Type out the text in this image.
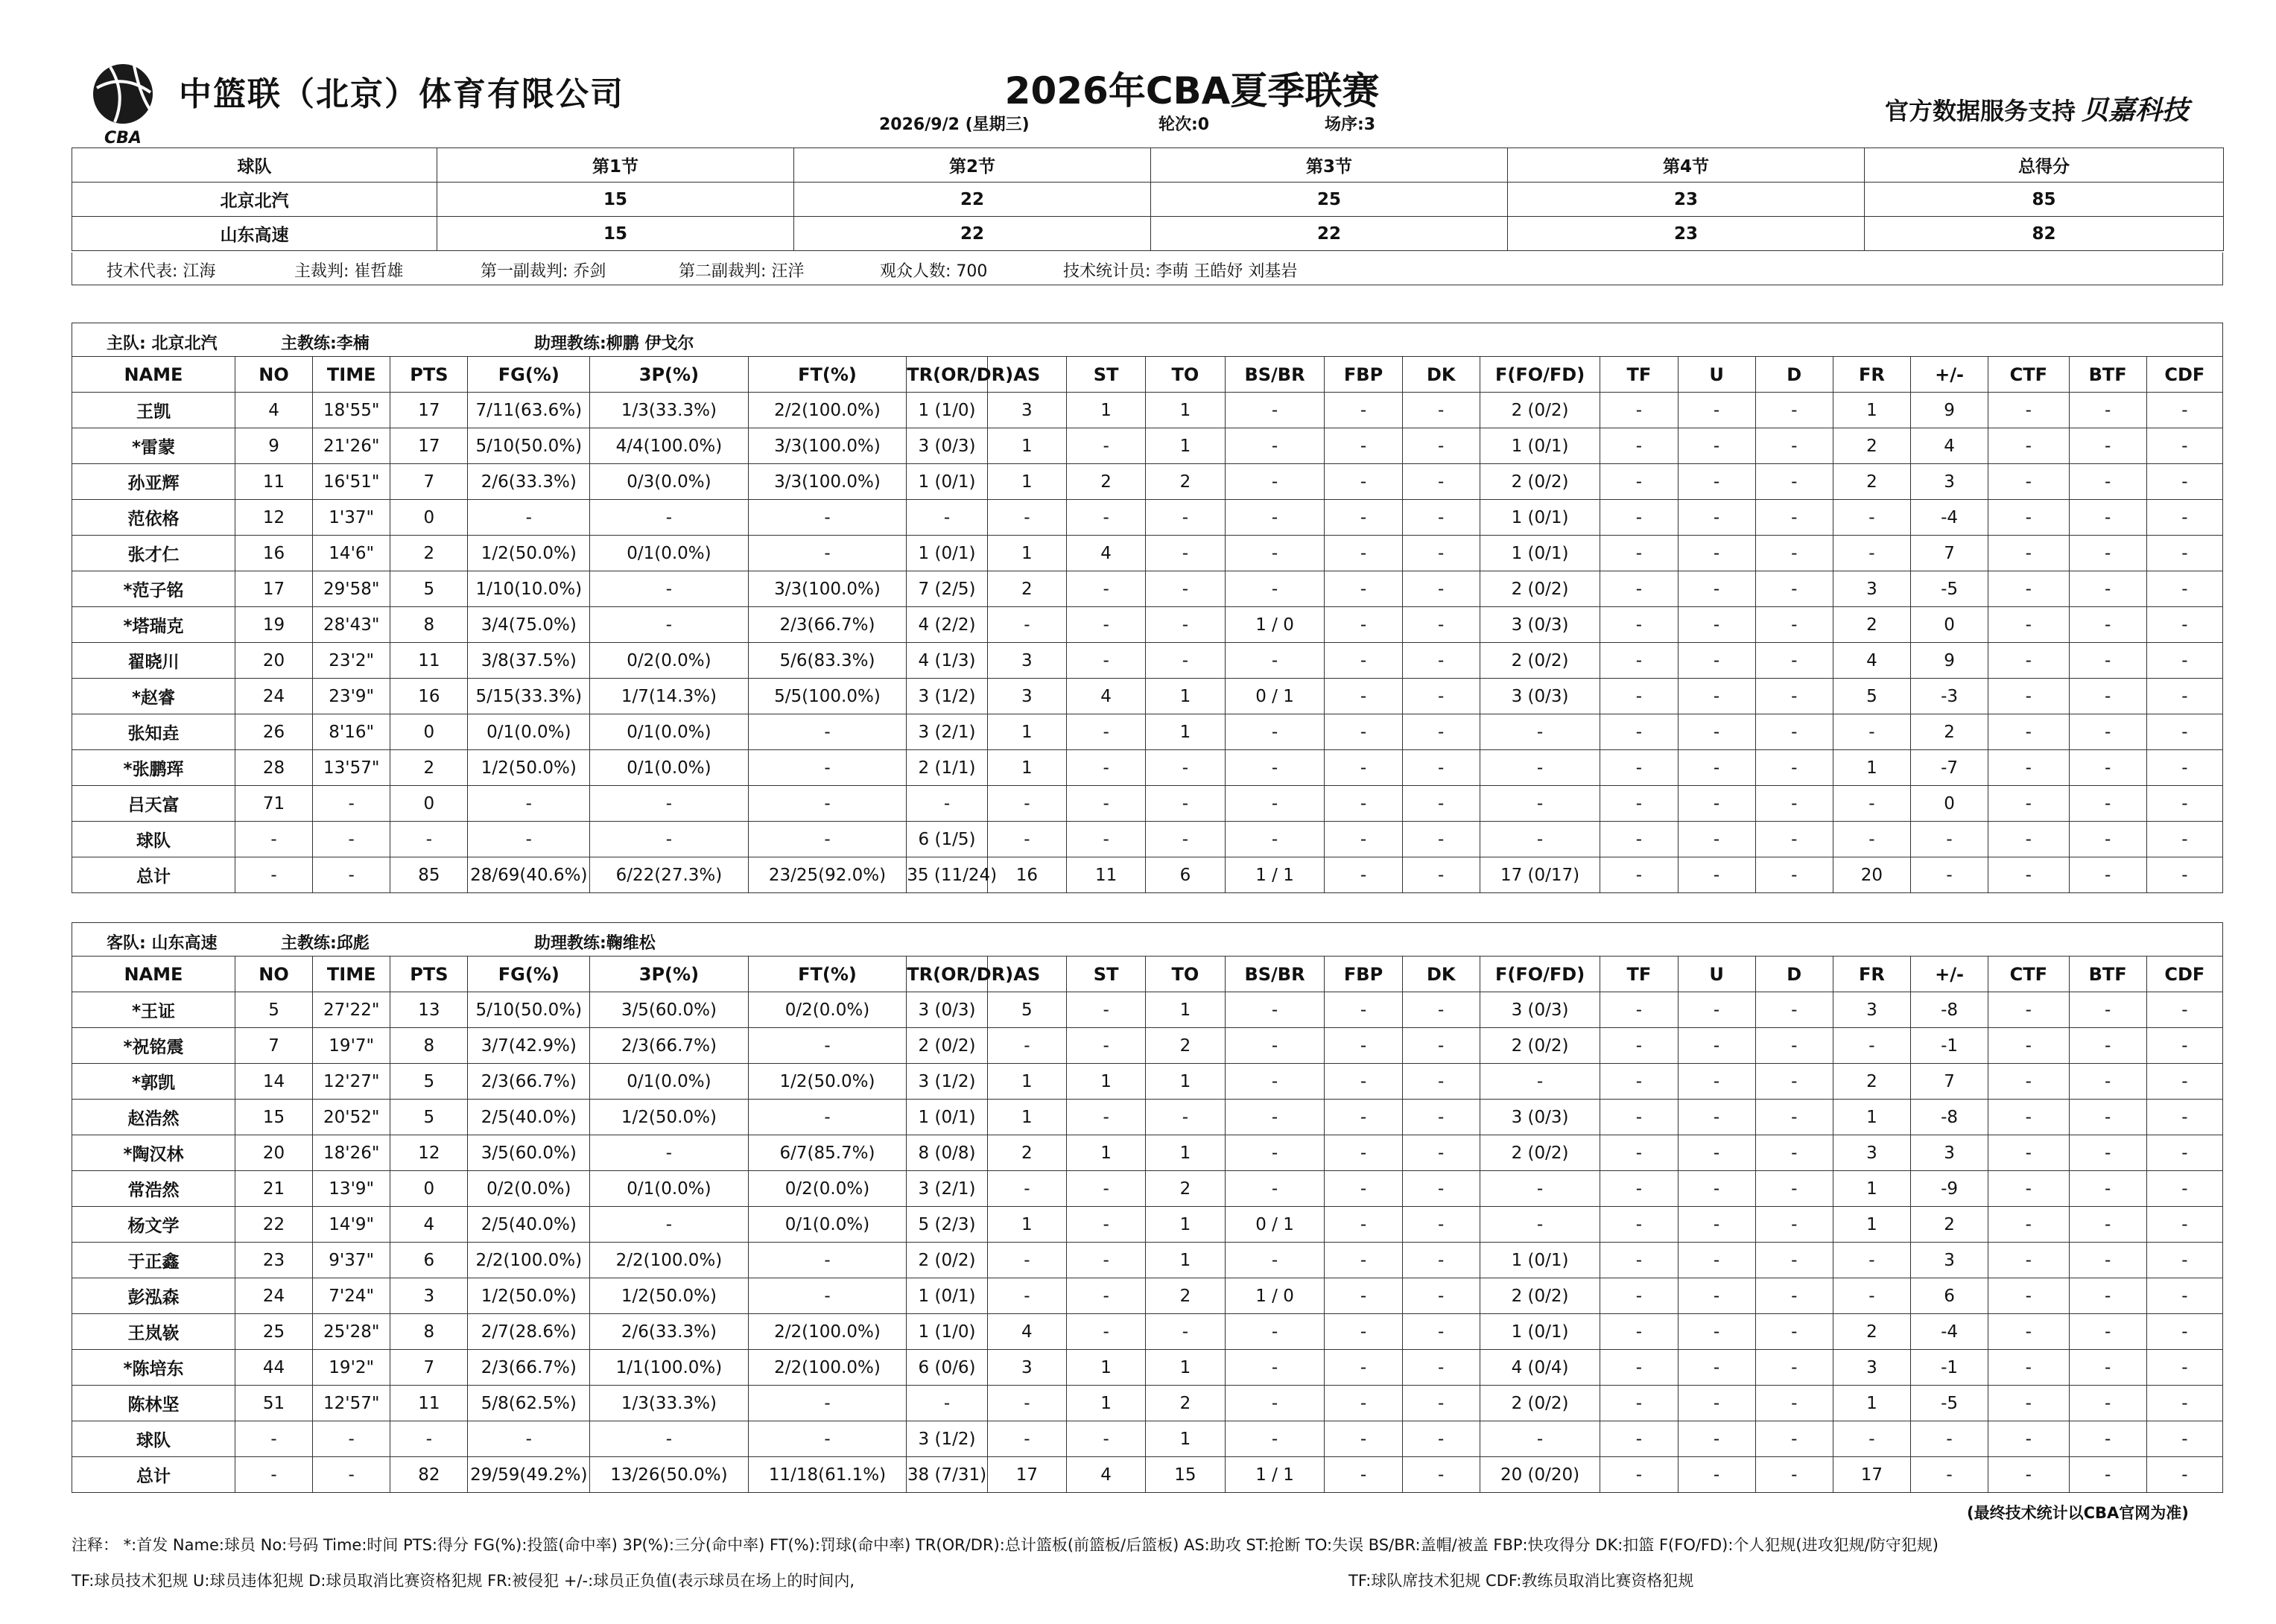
CBA
中篮联（北京）体育有限公司	2026年CBA夏季联赛
2026/9/2 (星期三)	轮次:0	场序:3	官方数据服务支持 贝嘉科技
球队	第1节	第2节	第3节	第4节	总得分
北京北汽	15	22	25	23	85
山东高速	15	22	22	23	82
技术代表: 江海	主裁判: 崔哲雄	第一副裁判: 乔剑	第二副裁判: 汪洋	观众人数: 700	技术统计员: 李萌 王皓妤 刘基岩
主队: 北京北汽	主教练:李楠	助理教练:柳鹏 伊戈尔
NAME	NO	TIME	PTS	FG(%)	3P(%)	FT(%)	TR(OR/DR)	AS	ST	TO	BS/BR	FBP	DK	F(FO/FD)	TF	U	D	FR	+/-	CTF	BTF	CDF
王凯	4	18'55"	17	7/11(63.6%)	1/3(33.3%)	2/2(100.0%)	1 (1/0)	3	1	1	-	-	-	2 (0/2)	-	-	-	1	9	-	-	-
*雷蒙	9	21'26"	17	5/10(50.0%)	4/4(100.0%)	3/3(100.0%)	3 (0/3)	1	-	1	-	-	-	1 (0/1)	-	-	-	2	4	-	-	-
孙亚辉	11	16'51"	7	2/6(33.3%)	0/3(0.0%)	3/3(100.0%)	1 (0/1)	1	2	2	-	-	-	2 (0/2)	-	-	-	2	3	-	-	-
范依格	12	1'37"	0	-	-	-	-	-	-	-	-	-	-	1 (0/1)	-	-	-	-	-4	-	-	-
张才仁	16	14'6"	2	1/2(50.0%)	0/1(0.0%)	-	1 (0/1)	1	4	-	-	-	-	1 (0/1)	-	-	-	-	7	-	-	-
*范子铭	17	29'58"	5	1/10(10.0%)	-	3/3(100.0%)	7 (2/5)	2	-	-	-	-	-	2 (0/2)	-	-	-	3	-5	-	-	-
*塔瑞克	19	28'43"	8	3/4(75.0%)	-	2/3(66.7%)	4 (2/2)	-	-	-	1 / 0	-	-	3 (0/3)	-	-	-	2	0	-	-	-
翟晓川	20	23'2"	11	3/8(37.5%)	0/2(0.0%)	5/6(83.3%)	4 (1/3)	3	-	-	-	-	-	2 (0/2)	-	-	-	4	9	-	-	-
*赵睿	24	23'9"	16	5/15(33.3%)	1/7(14.3%)	5/5(100.0%)	3 (1/2)	3	4	1	0 / 1	-	-	3 (0/3)	-	-	-	5	-3	-	-	-
张知垚	26	8'16"	0	0/1(0.0%)	0/1(0.0%)	-	3 (2/1)	1	-	1	-	-	-	-	-	-	-	-	2	-	-	-
*张鹏珲	28	13'57"	2	1/2(50.0%)	0/1(0.0%)	-	2 (1/1)	1	-	-	-	-	-	-	-	-	-	1	-7	-	-	-
吕天富	71	-	0	-	-	-	-	-	-	-	-	-	-	-	-	-	-	-	0	-	-	-
球队	-	-	-	-	-	-	6 (1/5)	-	-	-	-	-	-	-	-	-	-	-	-	-	-	-
总计	-	-	85	28/69(40.6%)	6/22(27.3%)	23/25(92.0%)	35 (11/24)	16	11	6	1 / 1	-	-	17 (0/17)	-	-	-	20	-	-	-	-
客队: 山东高速	主教练:邱彪	助理教练:鞠维松
NAME	NO	TIME	PTS	FG(%)	3P(%)	FT(%)	TR(OR/DR)	AS	ST	TO	BS/BR	FBP	DK	F(FO/FD)	TF	U	D	FR	+/-	CTF	BTF	CDF
*王证	5	27'22"	13	5/10(50.0%)	3/5(60.0%)	0/2(0.0%)	3 (0/3)	5	-	1	-	-	-	3 (0/3)	-	-	-	3	-8	-	-	-
*祝铭震	7	19'7"	8	3/7(42.9%)	2/3(66.7%)	-	2 (0/2)	-	-	2	-	-	-	2 (0/2)	-	-	-	-	-1	-	-	-
*郭凯	14	12'27"	5	2/3(66.7%)	0/1(0.0%)	1/2(50.0%)	3 (1/2)	1	1	1	-	-	-	-	-	-	-	2	7	-	-	-
赵浩然	15	20'52"	5	2/5(40.0%)	1/2(50.0%)	-	1 (0/1)	1	-	-	-	-	-	3 (0/3)	-	-	-	1	-8	-	-	-
*陶汉林	20	18'26"	12	3/5(60.0%)	-	6/7(85.7%)	8 (0/8)	2	1	1	-	-	-	2 (0/2)	-	-	-	3	3	-	-	-
常浩然	21	13'9"	0	0/2(0.0%)	0/1(0.0%)	0/2(0.0%)	3 (2/1)	-	-	2	-	-	-	-	-	-	-	1	-9	-	-	-
杨文学	22	14'9"	4	2/5(40.0%)	-	0/1(0.0%)	5 (2/3)	1	-	1	0 / 1	-	-	-	-	-	-	1	2	-	-	-
于正鑫	23	9'37"	6	2/2(100.0%)	2/2(100.0%)	-	2 (0/2)	-	-	1	-	-	-	1 (0/1)	-	-	-	-	3	-	-	-
彭泓森	24	7'24"	3	1/2(50.0%)	1/2(50.0%)	-	1 (0/1)	-	-	2	1 / 0	-	-	2 (0/2)	-	-	-	-	6	-	-	-
王岚嵚	25	25'28"	8	2/7(28.6%)	2/6(33.3%)	2/2(100.0%)	1 (1/0)	4	-	-	-	-	-	1 (0/1)	-	-	-	2	-4	-	-	-
*陈培东	44	19'2"	7	2/3(66.7%)	1/1(100.0%)	2/2(100.0%)	6 (0/6)	3	1	1	-	-	-	4 (0/4)	-	-	-	3	-1	-	-	-
陈林坚	51	12'57"	11	5/8(62.5%)	1/3(33.3%)	-	-	-	1	2	-	-	-	2 (0/2)	-	-	-	1	-5	-	-	-
球队	-	-	-	-	-	-	3 (1/2)	-	-	1	-	-	-	-	-	-	-	-	-	-	-	-
总计	-	-	82	29/59(49.2%)	13/26(50.0%)	11/18(61.1%)	38 (7/31)	17	4	15	1 / 1	-	-	20 (0/20)	-	-	-	17	-	-	-	-
(最终技术统计以CBA官网为准)
注释： *:首发 Name:球员 No:号码 Time:时间 PTS:得分 FG(%):投篮(命中率) 3P(%):三分(命中率) FT(%):罚球(命中率) TR(OR/DR):总计篮板(前篮板/后篮板) AS:助攻 ST:抢断 TO:失误 BS/BR:盖帽/被盖 FBP:快攻得分 DK:扣篮 F(FO/FD):个人犯规(进攻犯规/防守犯规)
TF:球员技术犯规 U:球员违体犯规 D:球员取消比赛资格犯规 FR:被侵犯 +/-:球员正负值(表示球员在场上的时间内,	TF:球队席技术犯规 CDF:教练员取消比赛资格犯规
